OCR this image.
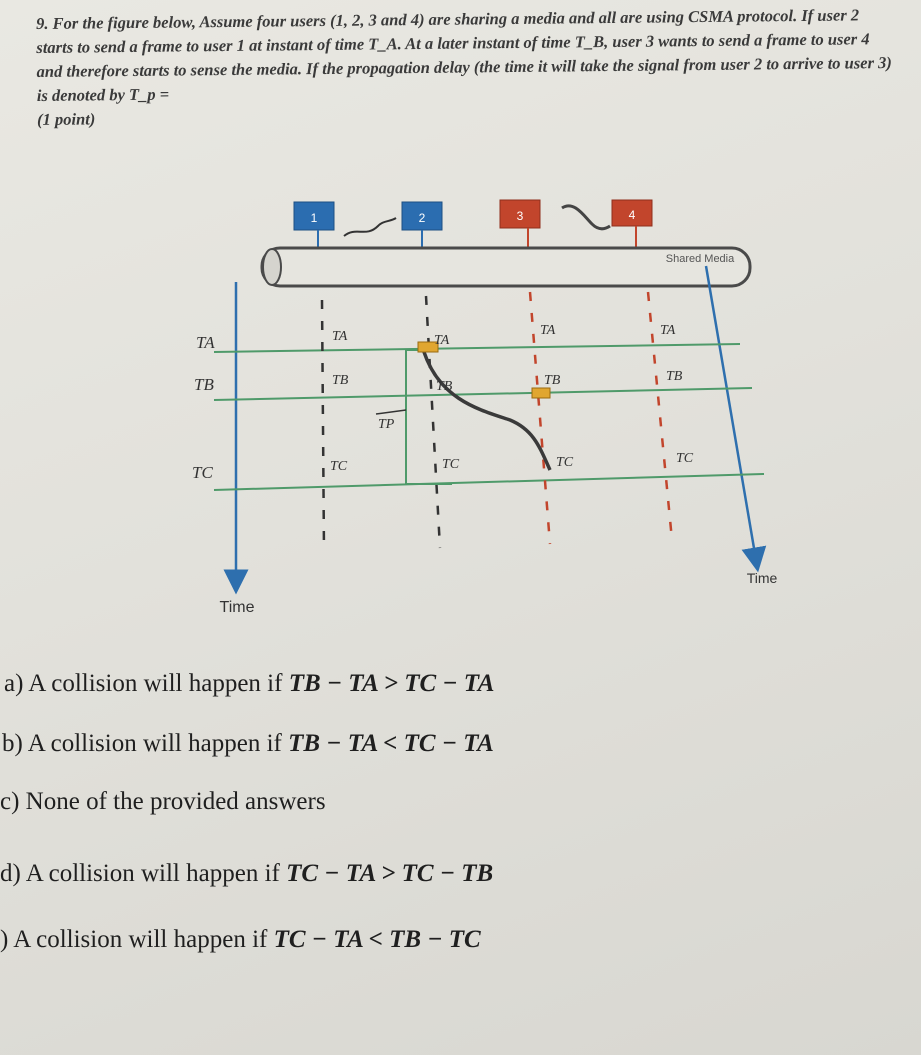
9. For the figure below, Assume four users (1, 2, 3 and 4) are sharing a media and all are using CSMA protocol. If user 2 starts to send a frame to user 1 at instant of time T_A. At a later instant of time T_B, user 3 wants to send a frame to user 4 and therefore starts to sense the media. If the propagation delay (the time it will take the signal from user 2 to arrive to user 3) is denoted by T_p =
(1 point)
1	2	3	4
Shared Media
Time
Time
TA
TB
TC
TA
TB
TC
TP
TA
TB
TC
TA
TB
TC
TA
TB
TC
a) A collision will happen if TB − TA > TC − TA
b) A collision will happen if TB − TA < TC − TA
c) None of the provided answers
d) A collision will happen if TC − TA > TC − TB
) A collision will happen if TC − TA < TB − TC
